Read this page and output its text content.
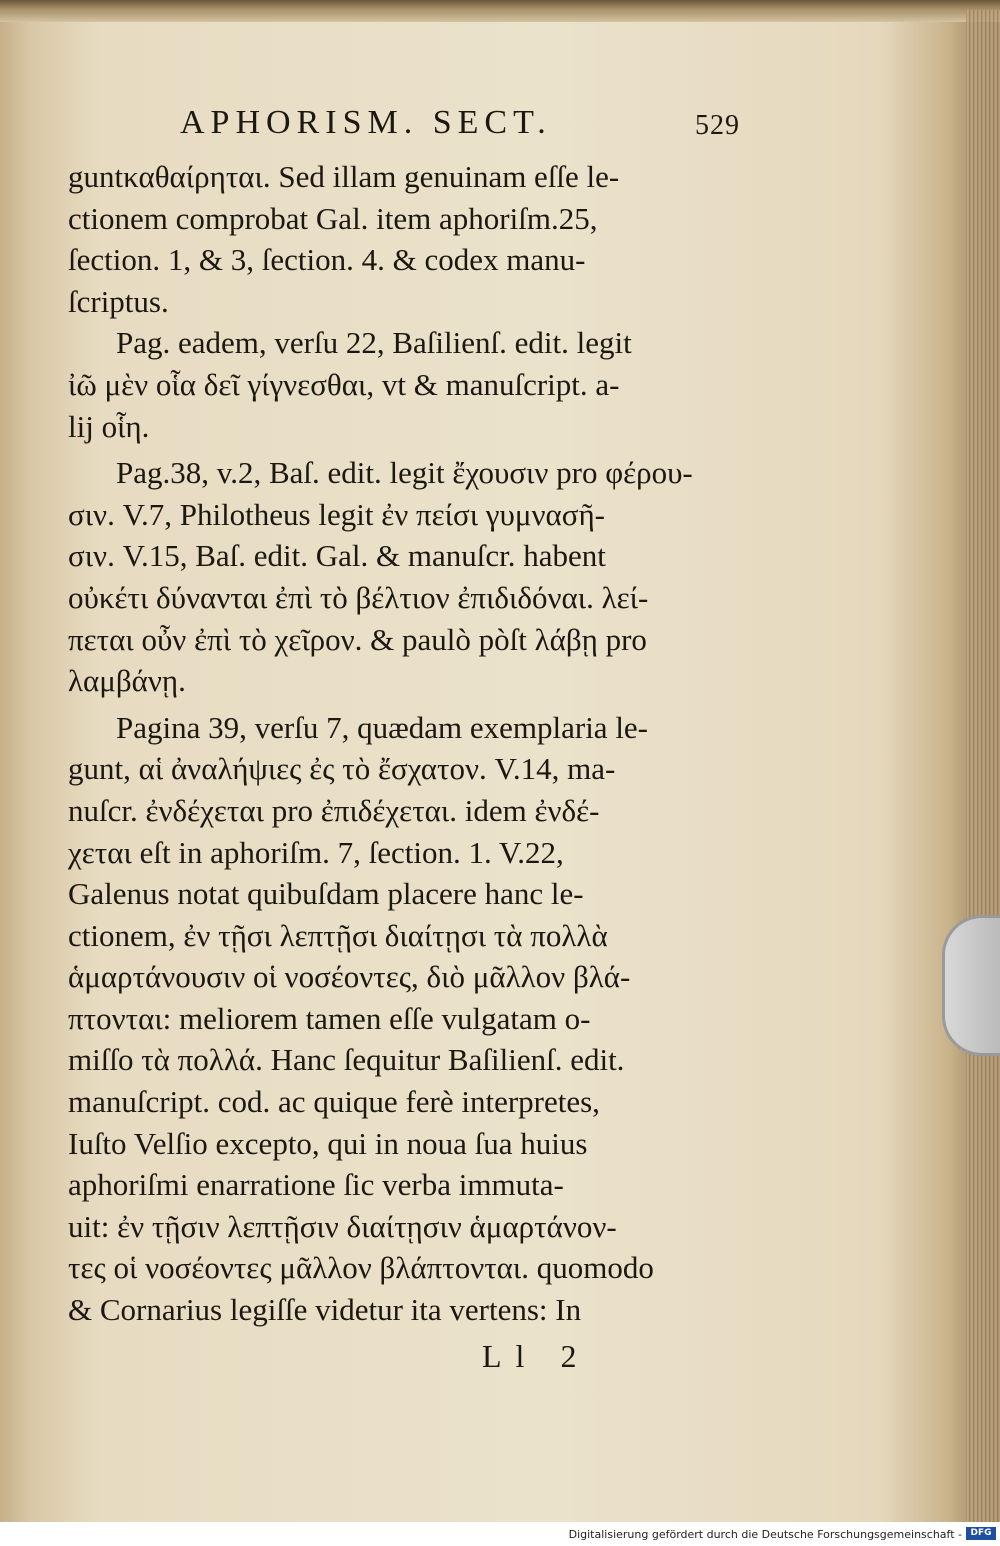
APHORISM. SECT.	529
guntκαθαίρηται. Sed illam genuinam eſſe le-
ctionem comprobat Gal. item aphoriſm.25,
ſection. 1, & 3, ſection. 4. & codex manu-
ſcriptus.
Pag. eadem, verſu 22, Baſilienſ. edit. legit
ἰῶ μὲν οἷα δεῖ γίγνεσθαι, vt & manuſcript. a-
lij οἷη.
Pag.38, v.2, Baſ. edit. legit ἔχουσιν pro φέρου-
σιν. V.7, Philotheus legit ἐν πείσι γυμνασῆ-
σιν. V.15, Baſ. edit. Gal. & manuſcr. habent
οὐκέτι δύνανται ἐπὶ τὸ βέλτιον ἐπιδιδόναι. λεί-
πεται οὖν ἐπὶ τὸ χεῖρον. & paulò pòſt λάβῃ pro
λαμβάνῃ.
Pagina 39, verſu 7, quædam exemplaria le-
gunt, αἱ ἀναλήψιες ἐς τὸ ἔσχατον. V.14, ma-
nuſcr. ἐνδέχεται pro ἐπιδέχεται. idem ἐνδέ-
χεται eſt in aphoriſm. 7, ſection. 1. V.22,
Galenus notat quibuſdam placere hanc le-
ctionem, ἐν τῇσι λεπτῇσι διαίτῃσι τὰ πολλὰ
ἁμαρτάνουσιν οἱ νοσέοντες, διὸ μᾶλλον βλά-
πτονται: meliorem tamen eſſe vulgatam o-
miſſo τὰ πολλά. Hanc ſequitur Baſilienſ. edit.
manuſcript. cod. ac quique ferè interpretes,
Iuſto Velſio excepto, qui in noua ſua huius
aphoriſmi enarratione ſic verba immuta-
uit: ἐν τῇσιν λεπτῇσιν διαίτῃσιν ἁμαρτάνον-
τες οἱ νοσέοντες μᾶλλον βλάπτονται. quomodo
& Cornarius legiſſe videtur ita vertens: In
Ll 2
Digitalisierung gefördert durch die Deutsche Forschungsgemeinschaft - DFG
